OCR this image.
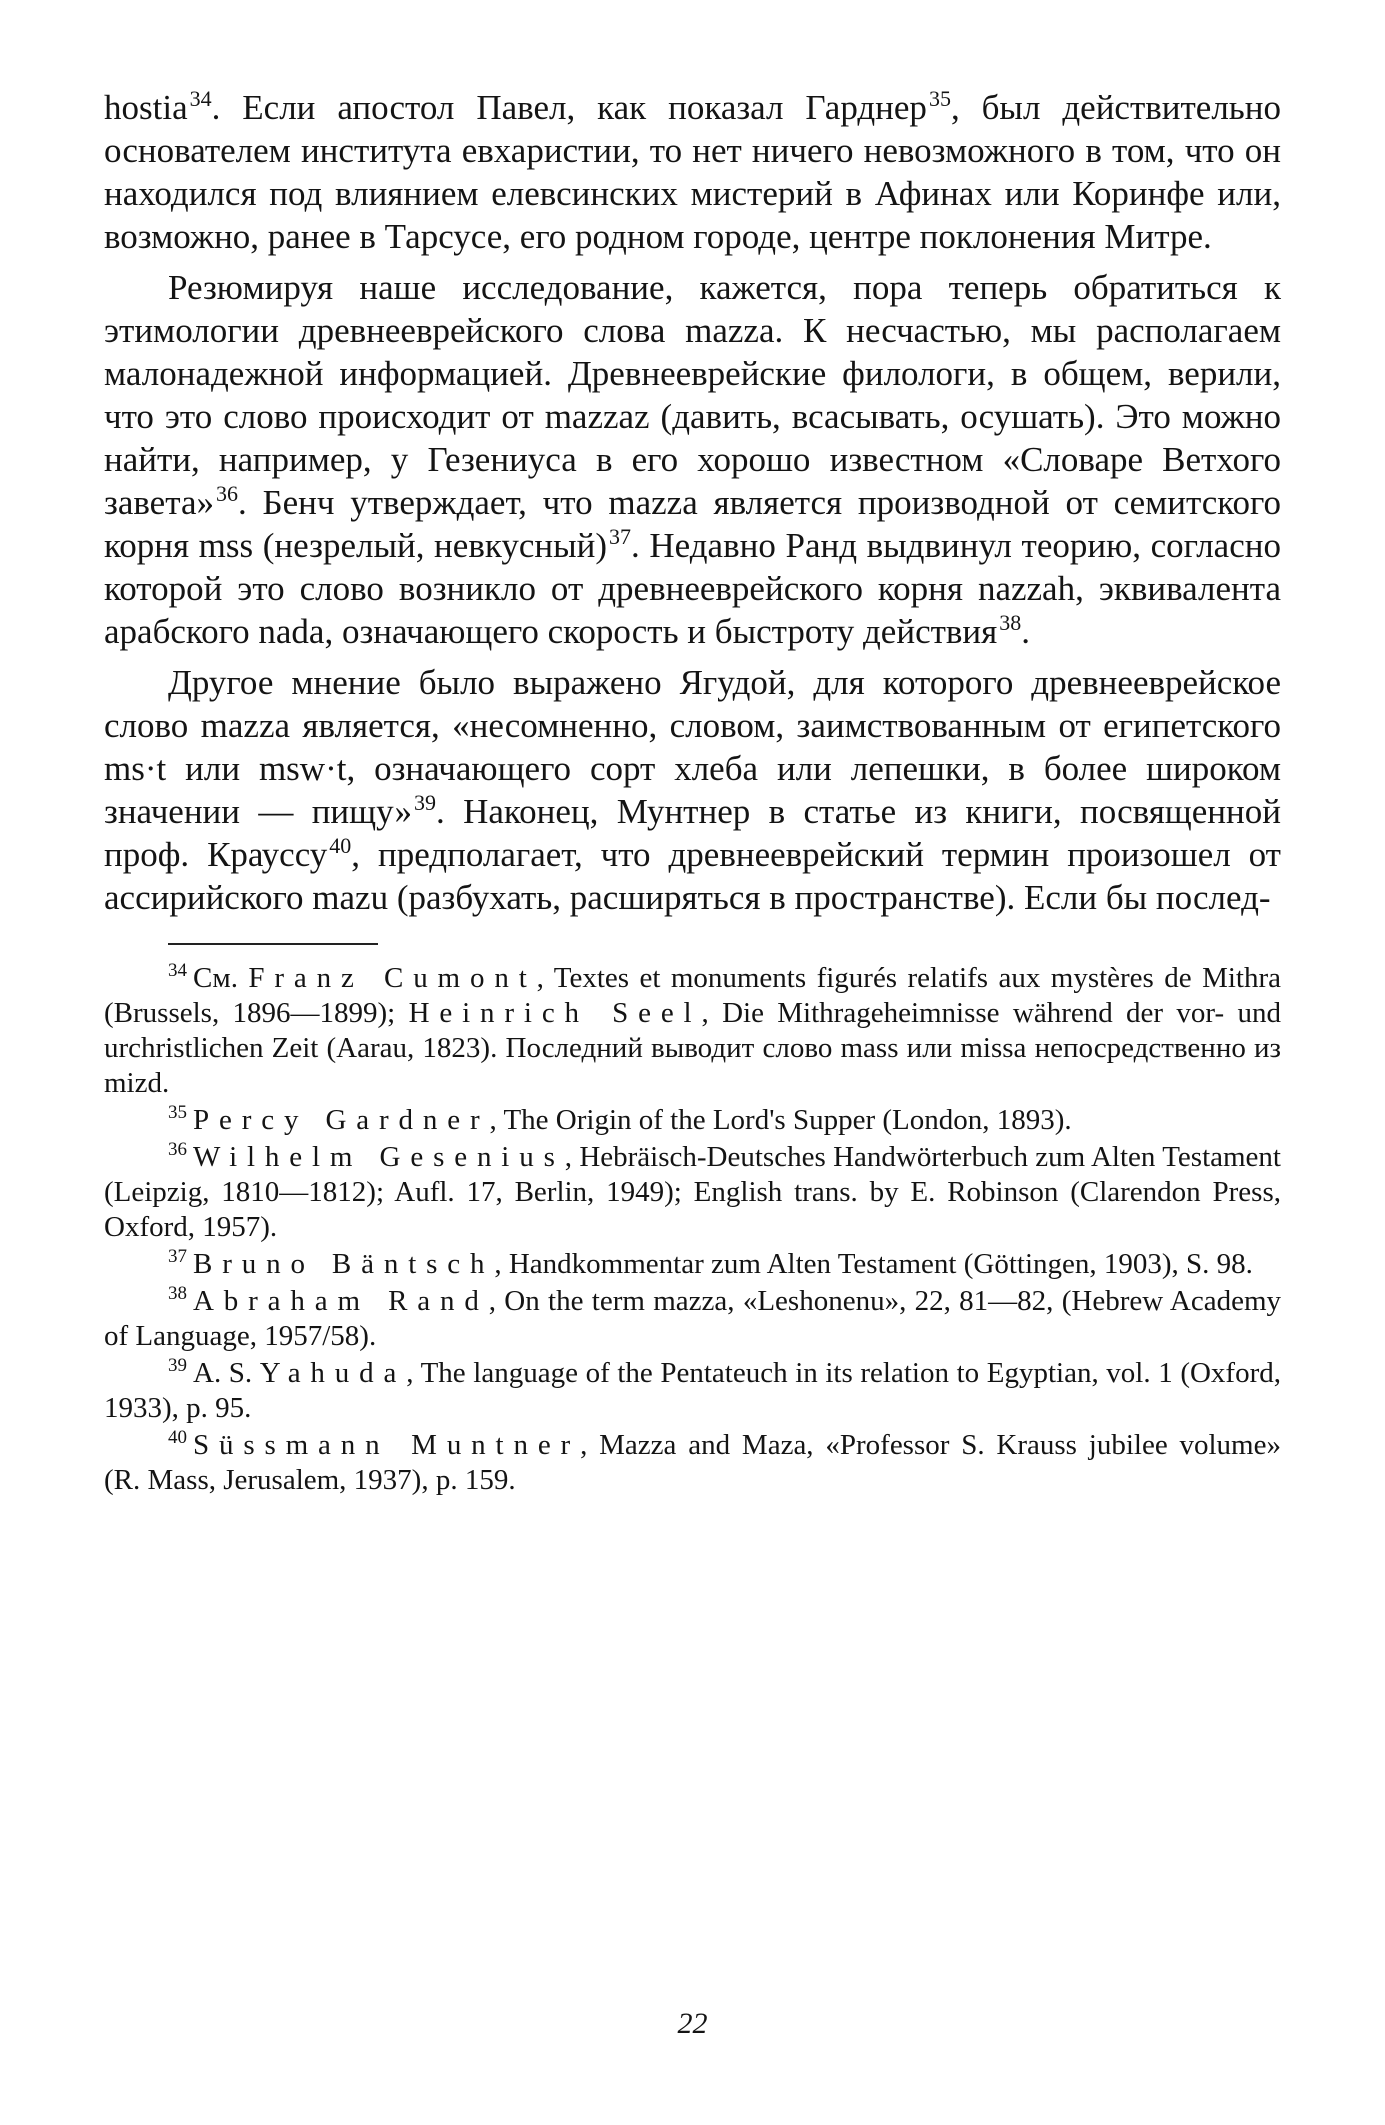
hostia$^{34}$. Если апостол Павел, как показал Гарднер$^{35}$, был действительно основателем института евхаристии, то нет ничего невозможного в том, что он находился под влиянием елевсинских мистерий в Афинах или Коринфе или, возможно, ранее в Тарсусе, его родном городе, центре поклонения Митре.

Резюмируя наше исследование, кажется, пора теперь обратиться к этимологии древнееврейского слова mazza. К несчастью, мы располагаем малонадежной информацией. Древнееврейские филологи, в общем, верили, что это слово происходит от mazzaz (давить, всасывать, осушать). Это можно найти, например, у Гезениуса в его хорошо известном «Словаре Ветхого завета»$^{36}$. Бенч утверждает, что mazza является производной от семитского корня mss (незрелый, невкусный)$^{37}$. Недавно Ранд выдвинул теорию, согласно которой это слово возникло от древнееврейского корня nazzah, эквивалента арабского nada, означающего скорость и быстроту действия$^{38}$.

Другое мнение было выражено Ягудой, для которого древнееврейское слово mazza является, «несомненно, словом, заимствованным от египетского ms·t или msw·t, означающего сорт хлеба или лепешки, в более широком значении — пищу»$^{39}$. Наконец, Мунтнер в статье из книги, посвященной проф. Крауссу$^{40}$, предполагает, что древнееврейский термин произошел от ассирийского mazu (разбухать, расширяться в пространстве). Если бы послед-

$^{34}$ См. Franz Cumont, Textes et monuments figurés relatifs aux mystères de Mithra (Brussels, 1896—1899); Heinrich Seel, Die Mithrageheimnisse während der vor- und urchristlichen Zeit (Aarau, 1823). Последний выводит слово mass или missa непосредственно из mizd.

$^{35}$ Percy Gardner, The Origin of the Lord's Supper (London, 1893).

$^{36}$ Wilhelm Gesenius, Hebräisch-Deutsches Handwörterbuch zum Alten Testament (Leipzig, 1810—1812); Aufl. 17, Berlin, 1949); English trans. by E. Robinson (Clarendon Press, Oxford, 1957).

$^{37}$ Bruno Bäntsch, Handkommentar zum Alten Testament (Göttingen, 1903), S. 98.

$^{38}$ Abraham Rand, On the term mazza, «Leshonenu», 22, 81—82, (Hebrew Academy of Language, 1957/58).

$^{39}$ A. S. Yahuda, The language of the Pentateuch in its relation to Egyptian, vol. 1 (Oxford, 1933), p. 95.

$^{40}$ Süssmann Muntner, Mazza and Maza, «Professor S. Krauss jubilee volume» (R. Mass, Jerusalem, 1937), p. 159.

22
